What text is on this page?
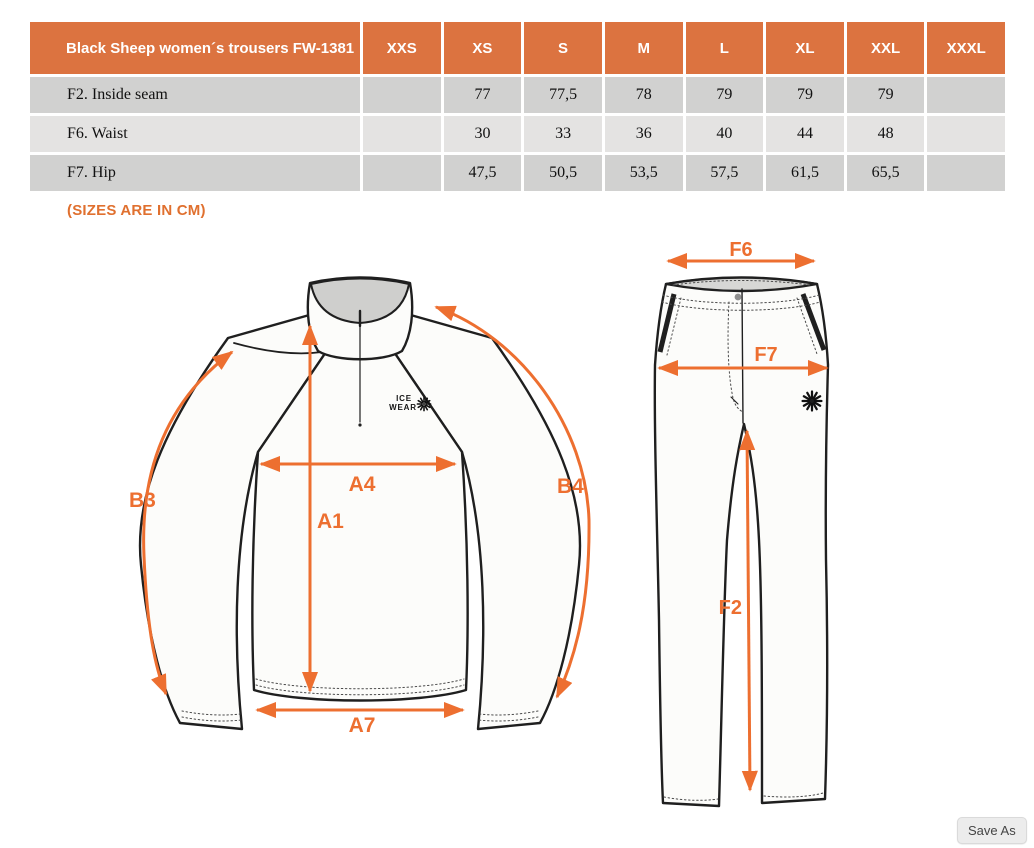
Black Sheep women´s trousers FW-1381	XXS	XS	S	M	L	XL	XXL	XXXL
F2. Inside seam		77	77,5	78	79	79	79	
F6. Waist		30	33	36	40	44	48	
F7. Hip		47,5	50,5	53,5	57,5	61,5	65,5	
(SIZES ARE IN CM)
ICE
WEAR
B3
A4
A1
B4
A7
F6
F7
F2
Save As
